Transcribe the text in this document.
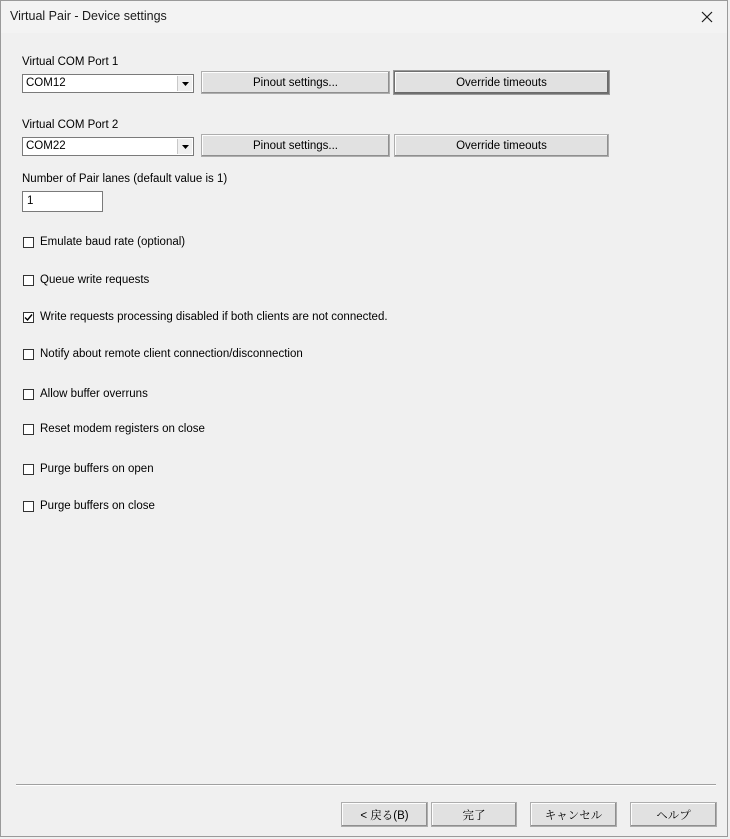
Virtual Pair - Device settings
Virtual COM Port 1
COM12	Pinout settings...	Override timeouts
Virtual COM Port 2
COM22	Pinout settings...	Override timeouts
Number of Pair lanes (default value is 1)
1
Emulate baud rate (optional)
Queue write requests
Write requests processing disabled if both clients are not connected.
Notify about remote client connection/disconnection
Allow buffer overruns
Reset modem registers on close
Purge buffers on open
Purge buffers on close
< 戻る(B)	完了	キャンセル	ヘルプ
